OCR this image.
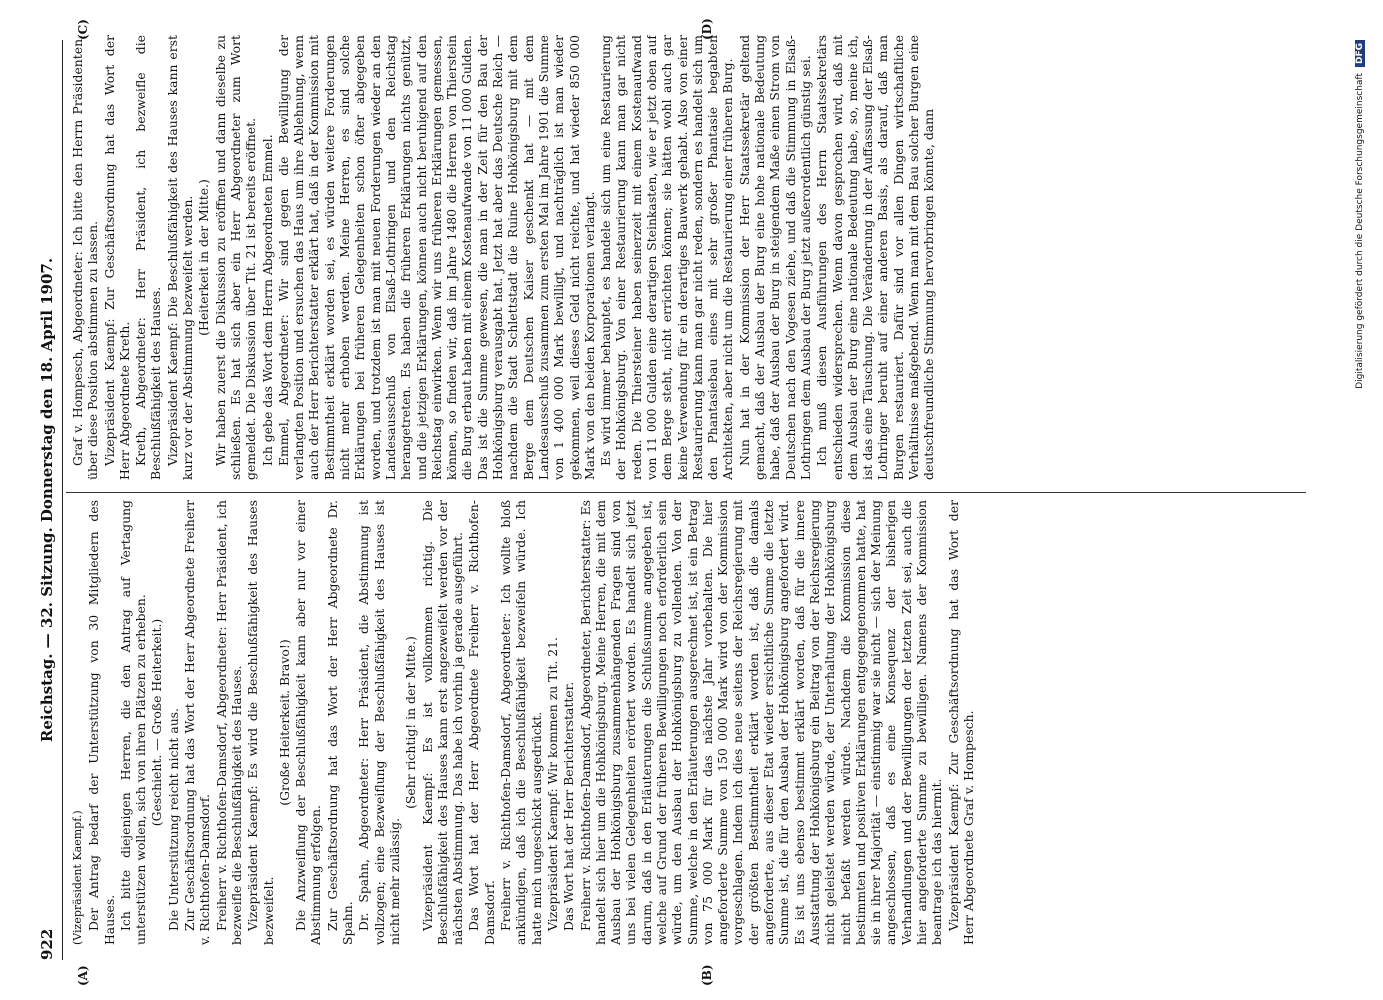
922
Reichstag. — 32. Sitzung. Donnerstag den 18. April 1907.
(A)	(B)
(C)	(D)

(Vizepräsident Kaempf.) Der Antrag bedarf der Unterstützung von 30 Mitgliedern des Hauses. Ich bitte diejenigen Herren, die den Antrag auf Vertagung unterstützen wollen, sich von ihren Plätzen zu erheben. (Geschieht. — Große Heiterkeit.) Die Unterstützung reicht nicht aus. Zur Geschäftsordnung hat das Wort der Herr Abgeordnete Freiherr v. Richthofen-Damsdorf. Freiherr v. Richthofen-Damsdorf, Abgeordneter: Herr Präsident, ich bezweifle die Beschlußfähigkeit des Hauses. Vizepräsident Kaempf: Es wird die Beschlußfähigkeit des Hauses bezweifelt.

(Große Heiterkeit. Bravo!) Die Anzweiflung der Beschlußfähigkeit kann aber nur vor einer Abstimmung erfolgen. Zur Geschäftsordnung hat das Wort der Herr Abgeordnete Dr. Spahn. Dr. Spahn, Abgeordneter: Herr Präsident, die Abstimmung ist vollzogen; eine Bezweiflung der Beschlußfähigkeit des Hauses ist nicht mehr zulässig.

(Sehr richtig! in der Mitte.) Vizepräsident Kaempf: Es ist vollkommen richtig. Die Beschlußfähigkeit des Hauses kann erst angezweifelt werden vor der nächsten Abstimmung. Das habe ich vorhin ja gerade ausgeführt. Das Wort hat der Herr Abgeordnete Freiherr v. Richthofen-Damsdorf. Freiherr v. Richthofen-Damsdorf, Abgeordneter: Ich wollte bloß ankündigen, daß ich die Beschlußfähigkeit bezweifeln würde. Ich hatte mich ungeschickt ausgedrückt. Vizepräsident Kaempf: Wir kommen zu Tit. 21. Das Wort hat der Herr Berichterstatter. Freiherr v. Richthofen-Damsdorf, Abgeordneter, Berichterstatter: Es handelt sich hier um die Hohkönigsburg. Meine Herren, die mit dem Ausbau der Hohkönigsburg zusammenhängenden Fragen sind von uns bei vielen Gelegenheiten erörtert worden. Es handelt sich jetzt darum, daß in den Erläuterungen die Schlußsumme angegeben ist, welche auf Grund der früheren Bewilligungen noch erforderlich sein würde, um den Ausbau der Hohkönigsburg zu vollenden. Von der Summe, welche in den Erläuterungen ausgerechnet ist, ist ein Betrag von 75 000 Mark für das nächste Jahr vorbehalten. Die hier angeforderte Summe von 150 000 Mark wird von der Kommission vorgeschlagen. Indem ich dies neue seitens der Reichsregierung mit der größten Bestimmtheit erklärt worden ist, daß die damals angeforderte, aus dieser Etat wieder ersichtliche Summe die letzte Summe ist, die für den Ausbau der Hohkönigsburg angefordert wird. Es ist uns ebenso bestimmt erklärt worden, daß für die innere Ausstattung der Hohkönigsburg ein Beitrag von der Reichsregierung nicht geleistet werden würde, der Unterhaltung der Hohkönigsburg nicht befaßt werden würde. Nachdem die Kommission diese bestimmten und positiven Erklärungen entgegengenommen hatte, hat sie in ihrer Majorität — einstimmig war sie nicht — sich der Meinung angeschlossen, daß es eine Konsequenz der bisherigen Verhandlungen und der Bewilligungen der letzten Zeit sei, auch die hier angeforderte Summe zu bewilligen. Namens der Kommission beantrage ich das hiermit. Vizepräsident Kaempf: Zur Geschäftsordnung hat das Wort der Herr Abgeordnete Graf v. Hompesch.

Graf v. Hompesch, Abgeordneter: Ich bitte den Herrn Präsidenten, über diese Position abstimmen zu lassen. Vizepräsident Kaempf: Zur Geschäftsordnung hat das Wort der Herr Abgeordnete Kreth. Kreth, Abgeordneter: Herr Präsident, ich bezweifle die Beschlußfähigkeit des Hauses. Vizepräsident Kaempf: Die Beschlußfähigkeit des Hauses kann erst kurz vor der Abstimmung bezweifelt werden. (Heiterkeit in der Mitte.) Wir haben zuerst die Diskussion zu eröffnen und dann dieselbe zu schließen. Es hat sich aber ein Herr Abgeordneter zum Wort gemeldet. Die Diskussion über Tit. 21 ist bereits eröffnet. Ich gebe das Wort dem Herrn Abgeordneten Emmel. Emmel, Abgeordneter: Wir sind gegen die Bewilligung der verlangten Position und ersuchen das Haus um ihre Ablehnung, wenn auch der Herr Berichterstatter erklärt hat, daß in der Kommission mit Bestimmtheit erklärt worden sei, es würden weitere Forderungen nicht mehr erhoben werden. Meine Herren, es sind solche Erklärungen bei früheren Gelegenheiten schon öfter abgegeben worden, und trotzdem ist man mit neuen Forderungen wieder an den Landesausschuß von Elsaß-Lothringen und den Reichstag herangetreten. Es haben die früheren Erklärungen nichts genützt, und die jetzigen Erklärungen, können auch nicht beruhigend auf den Reichstag einwirken. Wenn wir uns früheren Erklärungen gemessen, können, so finden wir, daß im Jahre 1480 die Herren von Thierstein die Burg erbaut haben mit einem Kostenaufwande von 11 000 Gulden. Das ist die Summe gewesen, die man in der Zeit für den Bau der Hohkönigsburg verausgabt hat. Jetzt hat aber das Deutsche Reich — nachdem die Stadt Schlettstadt die Ruine Hohkönigsburg mit dem Berge dem Deutschen Kaiser geschenkt hat — mit dem Landesausschuß zusammen zum ersten Mal im Jahre 1901 die Summe von 1 400 000 Mark bewilligt, und nachträglich ist man wieder gekommen, weil dieses Geld nicht reichte, und hat wieder 850 000 Mark von den beiden Korporationen verlangt. Es wird immer behauptet, es handele sich um eine Restaurierung der Hohkönigsburg. Von einer Restaurierung kann man gar nicht reden. Die Thiersteiner haben seinerzeit mit einem Kostenaufwand von 11 000 Gulden eine derartigen Steinkasten, wie er jetzt oben auf dem Berge steht, nicht errichten können; sie hätten wohl auch gar keine Verwendung für ein derartiges Bauwerk gehabt. Also von einer Restaurierung kann man gar nicht reden, sondern es handelt sich um den Phantasiebau eines mit sehr großer Phantasie begabten Architekten, aber nicht um die Restaurierung einer früheren Burg. Nun hat in der Kommission der Herr Staatssekretär geltend gemacht, daß der Ausbau der Burg eine hohe nationale Bedeutung habe, daß der Ausbau der Burg in steigendem Maße einen Strom von Deutschen nach den Vogesen ziehe, und daß die Stimmung in Elsaß-Lothringen dem Ausbau der Burg jetzt außerordentlich günstig sei. Ich muß diesen Ausführungen des Herrn Staatssekretärs entschieden widersprechen. Wenn davon gesprochen wird, daß mit dem Ausbau der Burg eine nationale Bedeutung habe, so, meine ich, ist das eine Täuschung. Die Veränderung in der Auffassung der Elsaß-Lothringer beruht auf einer anderen Basis, als darauf, daß man Burgen restauriert. Dafür sind vor allen Dingen wirtschaftliche Verhältnisse maßgebend. Wenn man mit dem Bau solcher Burgen eine deutschfreundliche Stimmung hervorbringen könnte, dann	Digitalisierung gefördert durch die Deutsche ForschungsgemeinschaftDFG
